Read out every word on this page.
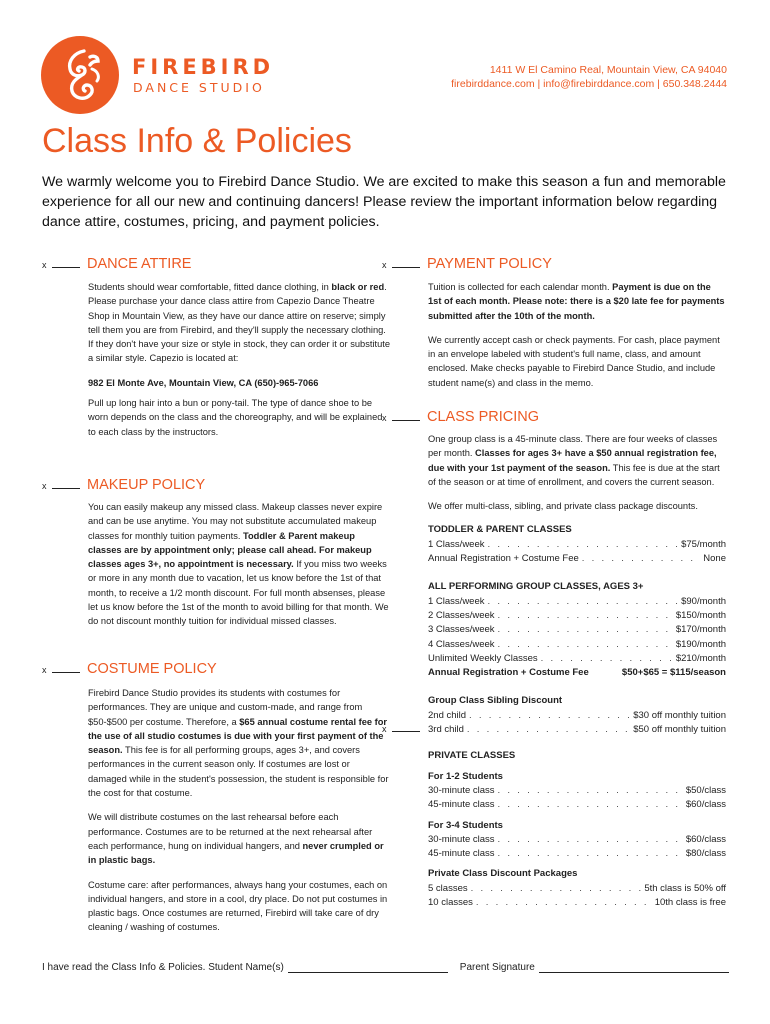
FIREBIRD
DANCE STUDIO
1411 W El Camino Real, Mountain View, CA 94040
firebirddance.com | info@firebirddance.com | 650.348.2444
Class Info & Policies

We warmly welcome you to Firebird Dance Studio. We are excited to make this season a fun and memorable experience for all our new and continuing dancers! Please review the important information below regarding dance attire, costumes, pricing, and payment policies.

x	DANCE ATTIRE

Students should wear comfortable, fitted dance clothing, in black or red. Please purchase your dance class attire from Capezio Dance Theatre Shop in Mountain View, as they have our dance attire on reserve; simply tell them you are from Firebird, and they'll supply the necessary clothing. If they don't have your size or style in stock, they can order it or substitute a similar style. Capezio is located at:

982 El Monte Ave, Mountain View, CA (650)-965-7066

Pull up long hair into a bun or pony-tail. The type of dance shoe to be worn depends on the class and the choreography, and will be explained to each class by the instructors.

x	MAKEUP POLICY

You can easily makeup any missed class. Makeup classes never expire and can be use anytime. You may not substitute accumulated makeup classes for monthly tuition payments. Toddler & Parent makeup classes are by appointment only; please call ahead. For makeup classes ages 3+, no appointment is necessary. If you miss two weeks or more in any month due to vacation, let us know before the 1st of that month, to receive a 1/2 month discount. For full month absenses, please let us know before the 1st of the month to avoid billing for that month. We do not discount monthly tuition for individual missed classes.

x	COSTUME POLICY

Firebird Dance Studio provides its students with costumes for performances. They are unique and custom-made, and range from $50-$500 per costume. Therefore, a $65 annual costume rental fee for the use of all studio costumes is due with your first payment of the season. This fee is for all performing groups, ages 3+, and covers performances in the current season only. If costumes are lost or damaged while in the student's possession, the student is responsible for the cost for that costume.

We will distribute costumes on the last rehearsal before each performance. Costumes are to be returned at the next rehearsal after each performance, hung on individual hangers, and never crumpled or in plastic bags.

Costume care: after performances, always hang your costumes, each on individual hangers, and store in a cool, dry place. Do not put costumes in plastic bags. Once costumes are returned, Firebird will take care of dry cleaning / washing of costumes.

x	PAYMENT POLICY

Tuition is collected for each calendar month. Payment is due on the 1st of each month. Please note: there is a $20 late fee for payments submitted after the 10th of the month.

We currently accept cash or check payments. For cash, place payment in an envelope labeled with student's full name, class, and amount enclosed. Make checks payable to Firebird Dance Studio, and include student name(s) and class in the memo.

x	CLASS PRICING

One group class is a 45-minute class. There are four weeks of classes per month. Classes for ages 3+ have a $50 annual registration fee, due with your 1st payment of the season. This fee is due at the start of the season or at time of enrollment, and covers the current season.

We offer multi-class, sibling, and private class package discounts.

TODDLER & PARENT CLASSES
1 Class/week . . .	$75/month
Annual Registration + Costume Fee . . .	None
ALL PERFORMING GROUP CLASSES, AGES 3+
1 Class/week . . .	$90/month
2 Classes/week . . .	$150/month
3 Classes/week . . .	$170/month
4 Classes/week . . .	$190/month
Unlimited Weekly Classes . . .	$210/month
Annual Registration + Costume Fee	$50+$65 = $115/season
Group Class Sibling Discount
2nd child . . .	$30 off monthly tuition
3rd child . . .	$50 off monthly tuition
PRIVATE CLASSES
For 1-2 Students
30-minute class . . .	$50/class
45-minute class . . .	$60/class
For 3-4 Students
30-minute class . . .	$60/class
45-minute class . . .	$80/class
Private Class Discount Packages
5 classes . . .	5th class is 50% off
10 classes . . .	10th class is free
x
I have read the Class Info & Policies. Student Name(s)	Parent Signature
